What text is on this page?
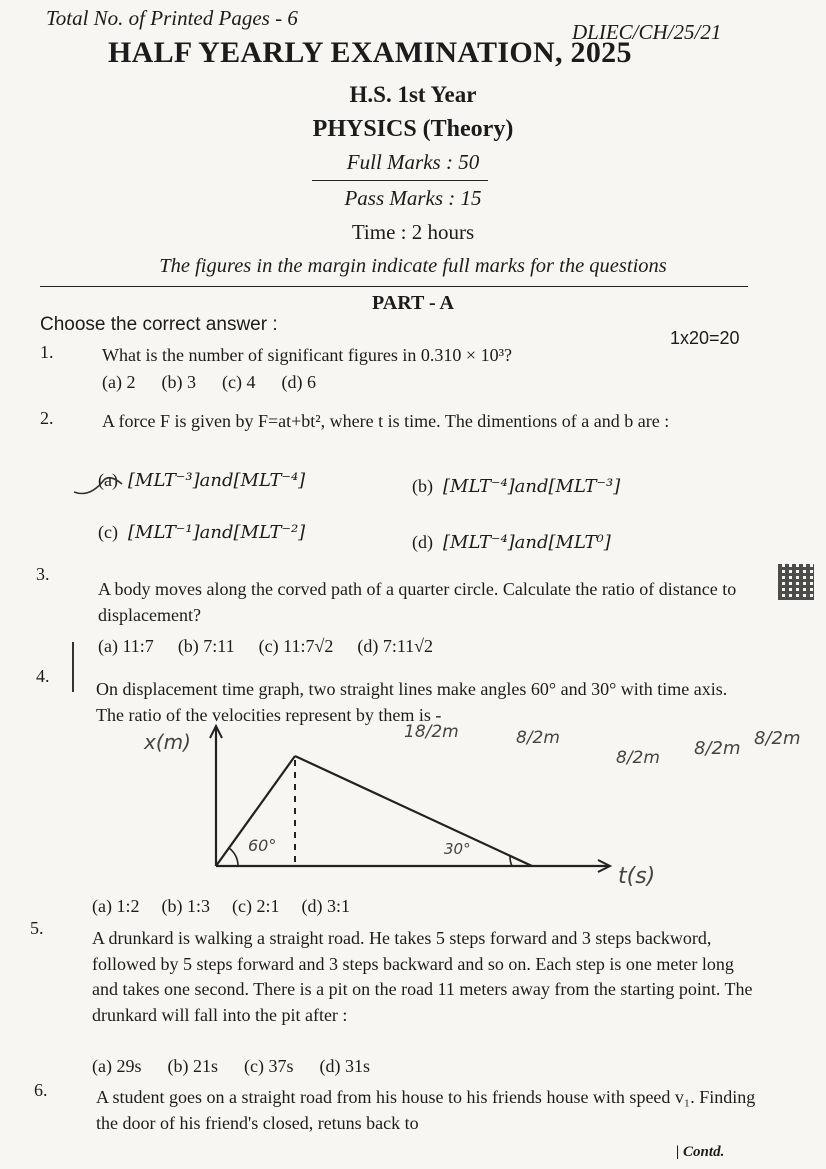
Total No. of Printed Pages - 6
DLIEC/CH/25/21
HALF YEARLY EXAMINATION, 2025
H.S. 1st Year
PHYSICS (Theory)
Full Marks : 50
Pass Marks : 15
Time : 2 hours
The figures in the margin indicate full marks for the questions
PART - A
Choose the correct answer :
1x20=20
1.	What is the number of significant figures in 0.310 × 10³?
(a) 2 (b) 3 (c) 4 (d) 6
2.	A force F is given by F=at+bt², where t is time. The dimentions of a and b are :
(a) [MLT⁻³]and[MLT⁻⁴]	(b) [MLT⁻⁴]and[MLT⁻³]
(c) [MLT⁻¹]and[MLT⁻²]	(d) [MLT⁻⁴]and[MLT⁰]
3.
A body moves along the corved path of a quarter circle. Calculate the ratio of distance to displacement?
(a) 11:7 (b) 7:11 (c) 11:7√2 (d) 7:11√2
4.
On displacement time graph, two straight lines make angles 60° and 30° with time axis. The ratio of the velocities represent by them is -
x(m)
t(s)
60°	30°
18/2m	8/2m
8/2m 8/2m 8/2m
(a) 1:2 (b) 1:3 (c) 2:1 (d) 3:1
5.	A drunkard is walking a straight road. He takes 5 steps forward and 3 steps backword, followed by 5 steps forward and 3 steps backward and so on. Each step is one meter long and takes one second. There is a pit on the road 11 meters away from the starting point. The drunkard will fall into the pit after :
(a) 29s (b) 21s (c) 37s (d) 31s
6.	A student goes on a straight road from his house to his friends house with speed v₁. Finding the door of his friend's closed, retuns back to
| Contd.
